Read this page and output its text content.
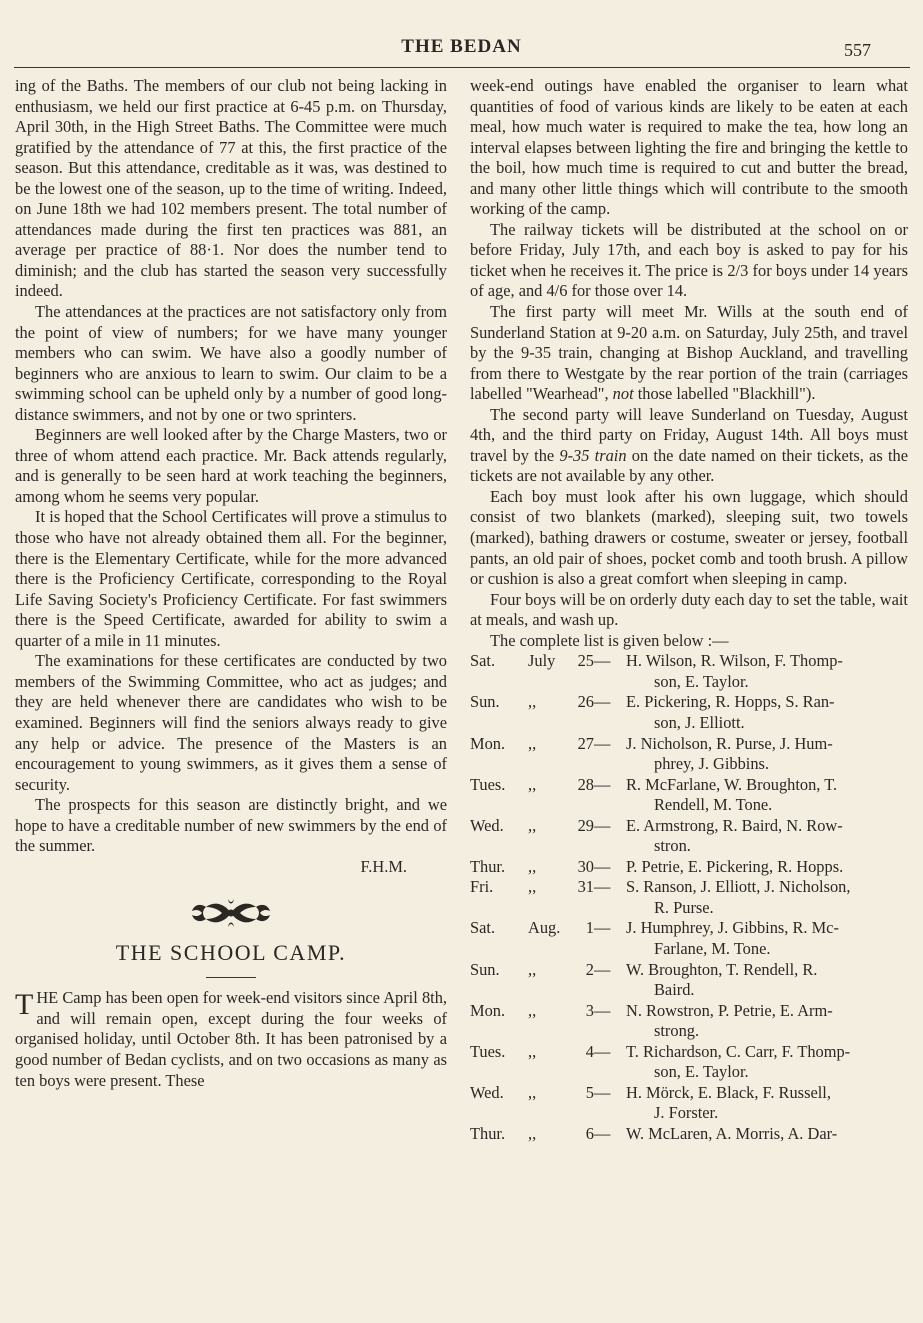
THE BEDAN	557

ing of the Baths. The members of our club not being lacking in enthusiasm, we held our first practice at 6-45 p.m. on Thursday, April 30th, in the High Street Baths. The Committee were much gratified by the attendance of 77 at this, the first practice of the season. But this attendance, creditable as it was, was destined to be the lowest one of the season, up to the time of writing. Indeed, on June 18th we had 102 members present. The total number of attendances made during the first ten practices was 881, an average per practice of 88·1. Nor does the number tend to diminish; and the club has started the season very successfully indeed.

The attendances at the practices are not satisfactory only from the point of view of numbers; for we have many younger members who can swim. We have also a goodly number of beginners who are anxious to learn to swim. Our claim to be a swimming school can be upheld only by a number of good long-distance swimmers, and not by one or two sprinters.

Beginners are well looked after by the Charge Masters, two or three of whom attend each practice. Mr. Back attends regularly, and is generally to be seen hard at work teaching the beginners, among whom he seems very popular.

It is hoped that the School Certificates will prove a stimulus to those who have not already obtained them all. For the beginner, there is the Elementary Certificate, while for the more advanced there is the Proficiency Certificate, corresponding to the Royal Life Saving Society's Proficiency Certificate. For fast swimmers there is the Speed Certificate, awarded for ability to swim a quarter of a mile in 11 minutes.

The examinations for these certificates are conducted by two members of the Swimming Committee, who act as judges; and they are held whenever there are candidates who wish to be examined. Beginners will find the seniors always ready to give any help or advice. The presence of the Masters is an encouragement to young swimmers, as it gives them a sense of security.

The prospects for this season are distinctly bright, and we hope to have a creditable number of new swimmers by the end of the summer.

F.H.M.

THE SCHOOL CAMP.

THE Camp has been open for week-end visitors since April 8th, and will remain open, except during the four weeks of organised holiday, until October 8th. It has been patronised by a good number of Bedan cyclists, and on two occasions as many as ten boys were present. These

week-end outings have enabled the organiser to learn what quantities of food of various kinds are likely to be eaten at each meal, how much water is required to make the tea, how long an interval elapses between lighting the fire and bringing the kettle to the boil, how much time is required to cut and butter the bread, and many other little things which will contribute to the smooth working of the camp.

The railway tickets will be distributed at the school on or before Friday, July 17th, and each boy is asked to pay for his ticket when he receives it. The price is 2/3 for boys under 14 years of age, and 4/6 for those over 14.

The first party will meet Mr. Wills at the south end of Sunderland Station at 9-20 a.m. on Saturday, July 25th, and travel by the 9-35 train, changing at Bishop Auckland, and travelling from there to Westgate by the rear portion of the train (carriages labelled "Wearhead", not those labelled "Blackhill").

The second party will leave Sunderland on Tuesday, August 4th, and the third party on Friday, August 14th. All boys must travel by the 9-35 train on the date named on their tickets, as the tickets are not available by any other.

Each boy must look after his own luggage, which should consist of two blankets (marked), sleeping suit, two towels (marked), bathing drawers or costume, sweater or jersey, football pants, an old pair of shoes, pocket comb and tooth brush. A pillow or cushion is also a great comfort when sleeping in camp.

Four boys will be on orderly duty each day to set the table, wait at meals, and wash up.

The complete list is given below :—

Sat.	July	25 — H. Wilson, R. Wilson, F. Thomp-
son, E. Taylor.
Sun.	,,	26 — E. Pickering, R. Hopps, S. Ran-
son, J. Elliott.
Mon.	,,	27 — J. Nicholson, R. Purse, J. Hum-
phrey, J. Gibbins.
Tues.	,,	28 — R. McFarlane, W. Broughton, T.
Rendell, M. Tone.
Wed.	,,	29 — E. Armstrong, R. Baird, N. Row-
stron.
Thur.	,,	30 — P. Petrie, E. Pickering, R. Hopps.
Fri.	,,	31 — S. Ranson, J. Elliott, J. Nicholson,
R. Purse.
Sat.	Aug.	1 — J. Humphrey, J. Gibbins, R. Mc-
Farlane, M. Tone.
Sun.	,,	2 — W. Broughton, T. Rendell, R.
Baird.
Mon.	,,	3 — N. Rowstron, P. Petrie, E. Arm-
strong.
Tues.	,,	4 — T. Richardson, C. Carr, F. Thomp-
son, E. Taylor.
Wed.	,,	5 — H. Mörck, E. Black, F. Russell,
J. Forster.
Thur.	,,	6 — W. McLaren, A. Morris, A. Dar-
